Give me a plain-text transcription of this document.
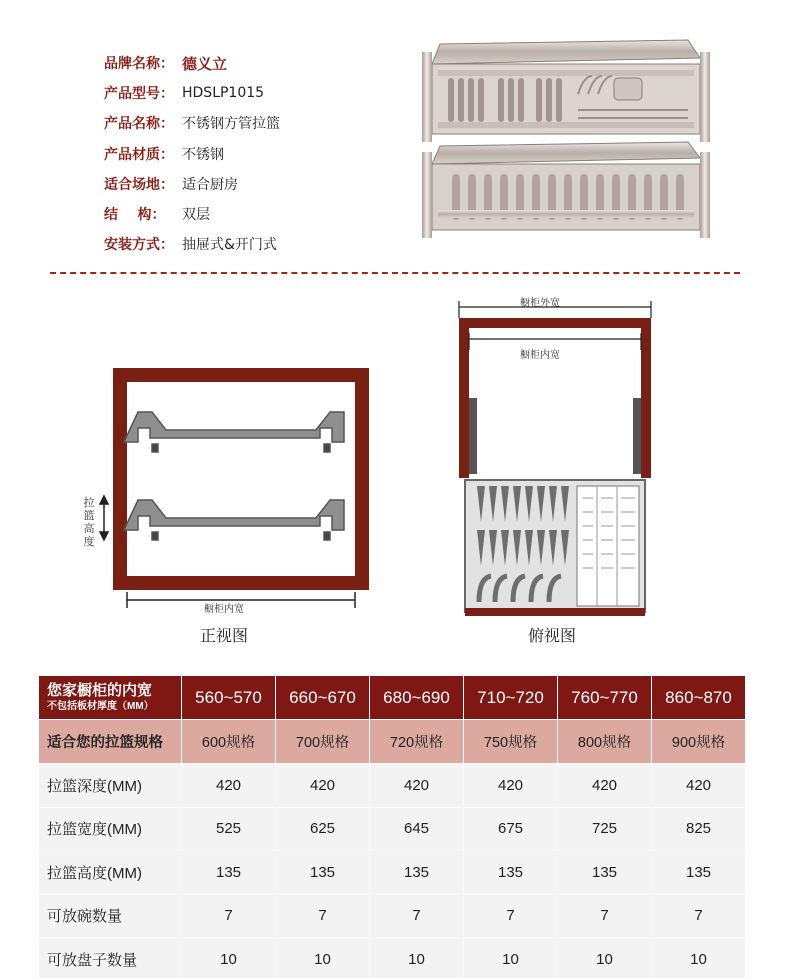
品牌名称： 德义立
产品型号： HDSLP1015
产品名称： 不锈钢方管拉篮
产品材质： 不锈钢
适合场地： 适合厨房
结    构：	双层
安装方式： 抽屉式&开门式
橱柜内宽
拉篮高度
正视图
橱柜外宽
橱柜内宽
俯视图
您家橱柜的内宽
不包括板材厚度（MM）	560~570	660~670	680~690	710~720	760~770	860~870
适合您的拉篮规格	600规格	700规格	720规格	750规格	800规格	900规格
拉篮深度(MM)	420	420	420	420	420	420
拉篮宽度(MM)	525	625	645	675	725	825
拉篮高度(MM)	135	135	135	135	135	135
可放碗数量	7	7	7	7	7	7
可放盘子数量	10	10	10	10	10	10
